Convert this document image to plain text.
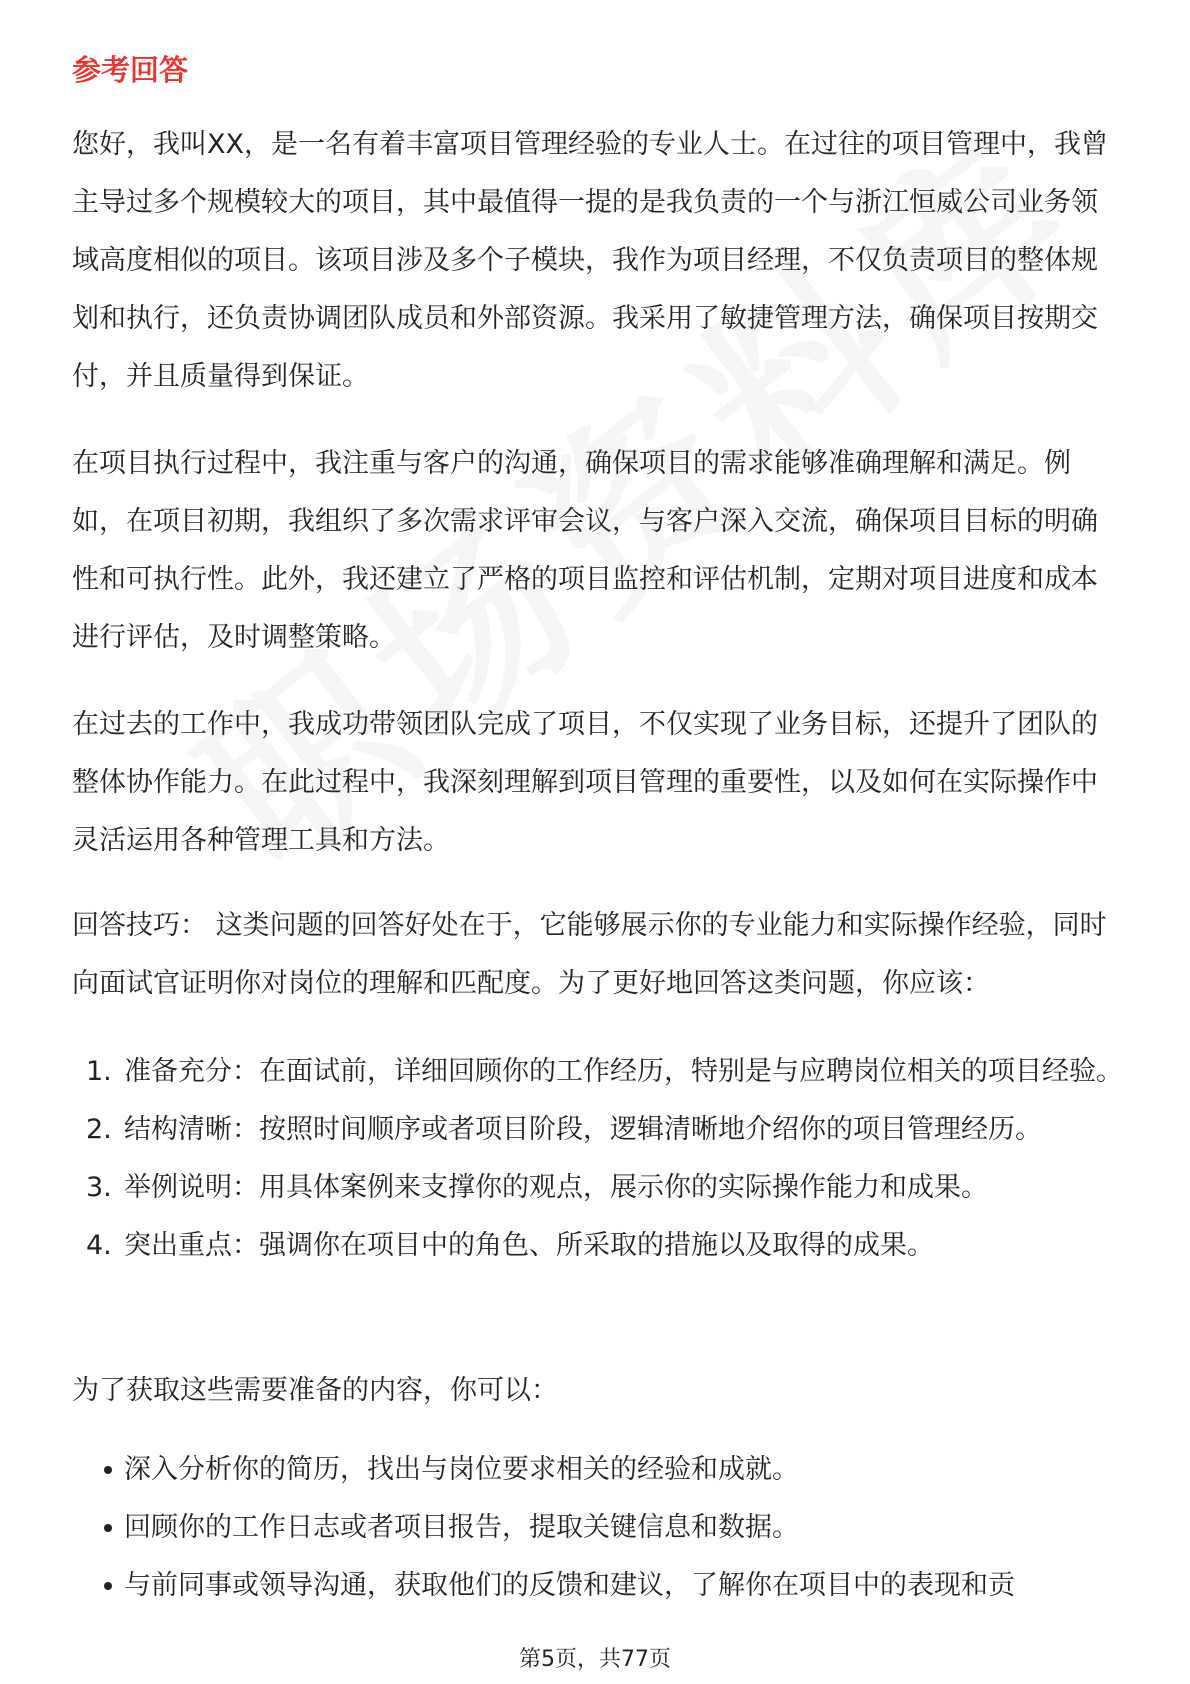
参考回答

您好，我叫XX，是一名有着丰富项目管理经验的专业人士。在过往的项目管理中，我曾主导过多个规模较大的项目，其中最值得一提的是我负责的一个与浙江恒威公司业务领域高度相似的项目。该项目涉及多个子模块，我作为项目经理，不仅负责项目的整体规划和执行，还负责协调团队成员和外部资源。我采用了敏捷管理方法，确保项目按期交付，并且质量得到保证。

在项目执行过程中，我注重与客户的沟通，确保项目的需求能够准确理解和满足。例如，在项目初期，我组织了多次需求评审会议，与客户深入交流，确保项目目标的明确性和可执行性。此外，我还建立了严格的项目监控和评估机制，定期对项目进度和成本进行评估，及时调整策略。

在过去的工作中，我成功带领团队完成了项目，不仅实现了业务目标，还提升了团队的整体协作能力。在此过程中，我深刻理解到项目管理的重要性，以及如何在实际操作中灵活运用各种管理工具和方法。

回答技巧： 这类问题的回答好处在于，它能够展示你的专业能力和实际操作经验，同时向面试官证明你对岗位的理解和匹配度。为了更好地回答这类问题，你应该：

1. 准备充分：在面试前，详细回顾你的工作经历，特别是与应聘岗位相关的项目经验。
2. 结构清晰：按照时间顺序或者项目阶段，逻辑清晰地介绍你的项目管理经历。
3. 举例说明：用具体案例来支撑你的观点，展示你的实际操作能力和成果。
4. 突出重点：强调你在项目中的角色、所采取的措施以及取得的成果。

为了获取这些需要准备的内容，你可以：

深入分析你的简历，找出与岗位要求相关的经验和成就。
回顾你的工作日志或者项目报告，提取关键信息和数据。
与前同事或领导沟通，获取他们的反馈和建议，了解你在项目中的表现和贡
第5页，共77页
